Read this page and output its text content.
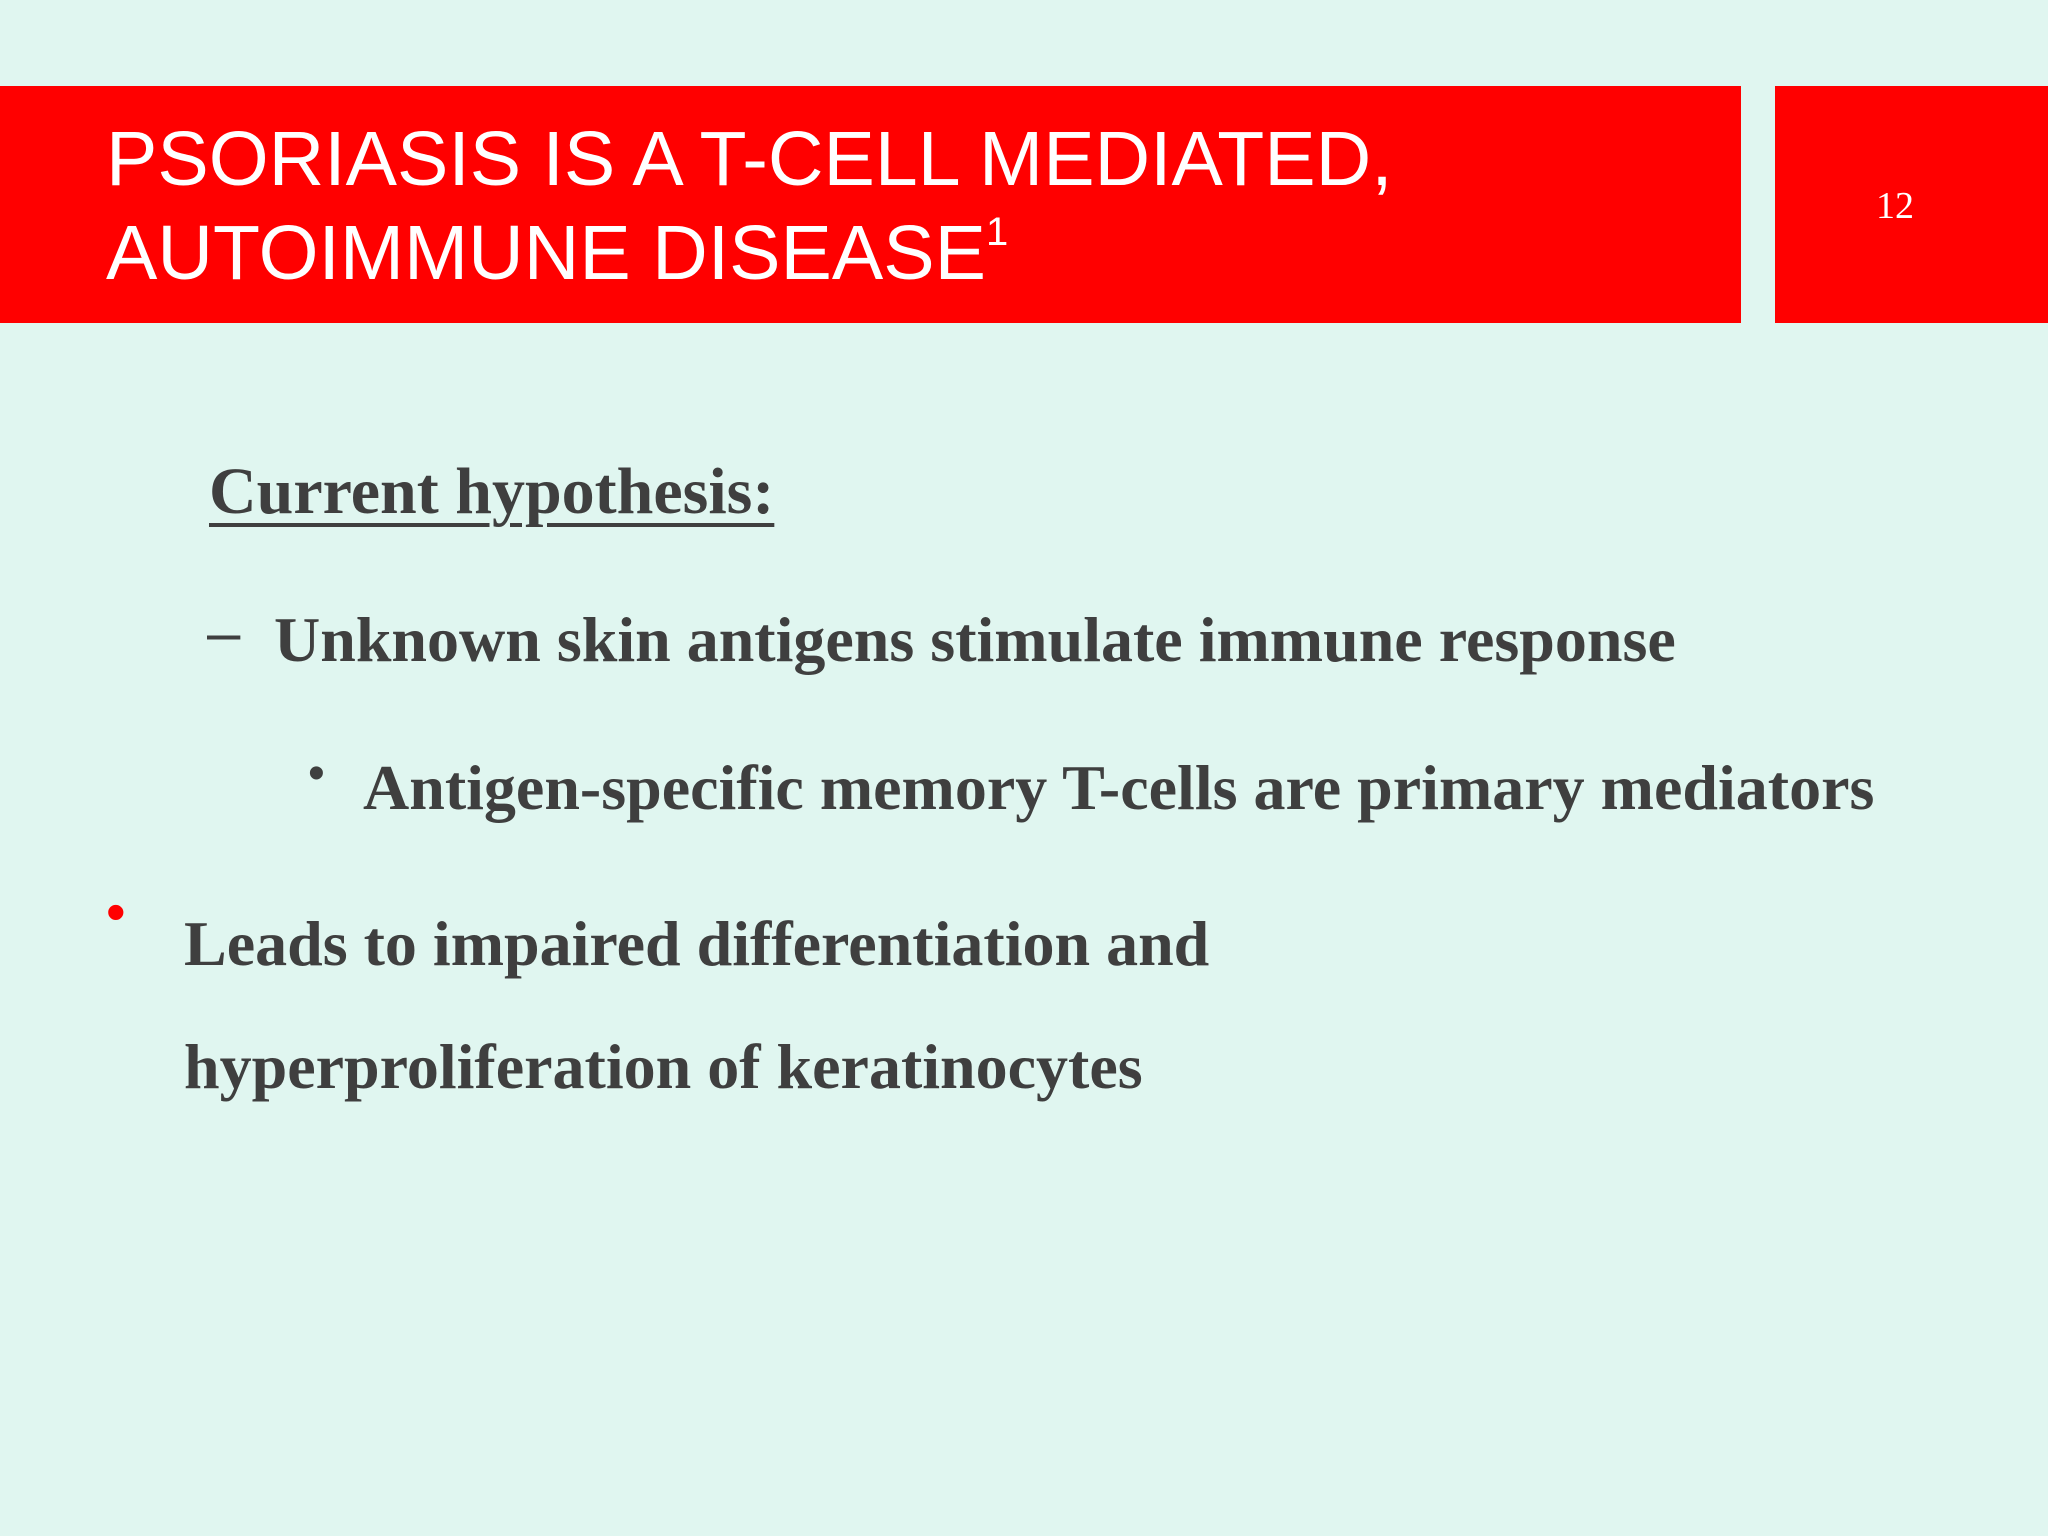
PSORIASIS IS A T-CELL MEDIATED,
AUTOIMMUNE DISEASE$^1$
12
Current hypothesis:
– Unknown skin antigens stimulate immune response
• Antigen-specific memory T-cells are primary mediators
• Leads to impaired differentiation and
hyperproliferation of keratinocytes
